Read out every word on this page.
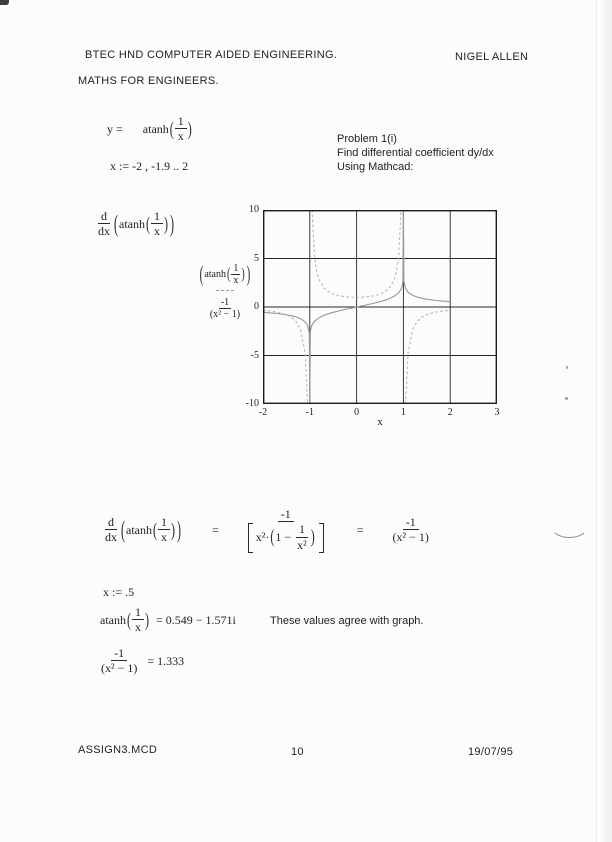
BTEC HND COMPUTER AIDED ENGINEERING.	NIGEL ALLEN
MATHS FOR ENGINEERS.
y = atanh ( $\frac{1}{x}$ )
x := -2 , -1.9 .. 2
Problem 1(i)
Find differential coefficient dy/dx
Using Mathcad:
$\frac{d}{dx}$ ( atanh ( $\frac{1}{x}$ ) )
( atanh ( $\frac{1}{x}$ ) )
$\frac{-1}{\text{(x² − 1)}}$
x
-10
-5
0
5
10
-2	-1	0	1	2	3
$\frac{d}{dx}$ ( atanh ( $\frac{1}{x}$ ) )	=
-1
x²· ( $1 - \frac{1}{\text{x²}}$ )	= $\frac{-1}{\text{(x² − 1)}}$
x := .5
atanh ( $\frac{1}{x}$ ) = 0.549 − 1.571i	These values agree with graph.
$\frac{-1}{\text{(x² − 1)}} = 1.333$
ASSIGN3.MCD	10	19/07/95
